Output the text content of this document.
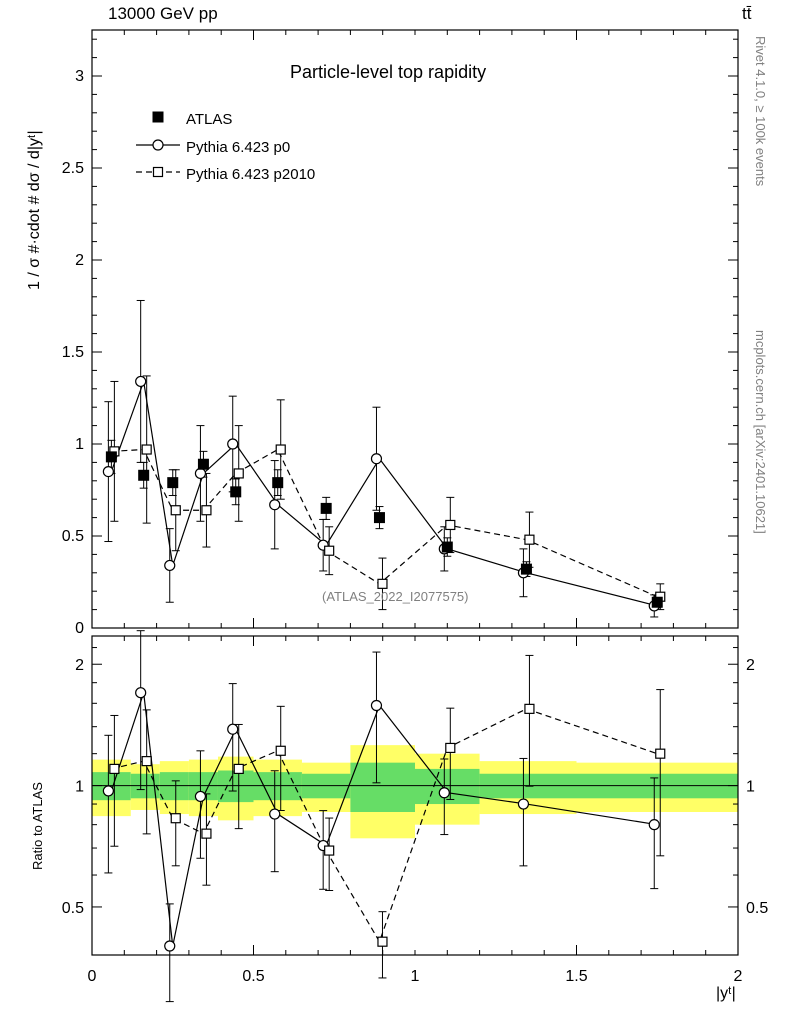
0
0.5
1
1.5
2
2.5
3
0.5	0.5
1	1
2	2
0	0.5	1	1.5	2
13000 GeV pp	tt̄
Rivet 4.1.0, ≥ 100k events
mcplots.cern.ch [arXiv:2401.10621]
Particle-level top rapidity
1 / σ #·cdot # dσ / d|yᵗ|
Ratio to ATLAS
|yᵗ|
(ATLAS_2022_I2077575)
ATLAS
Pythia 6.423 p0
Pythia 6.423 p2010
